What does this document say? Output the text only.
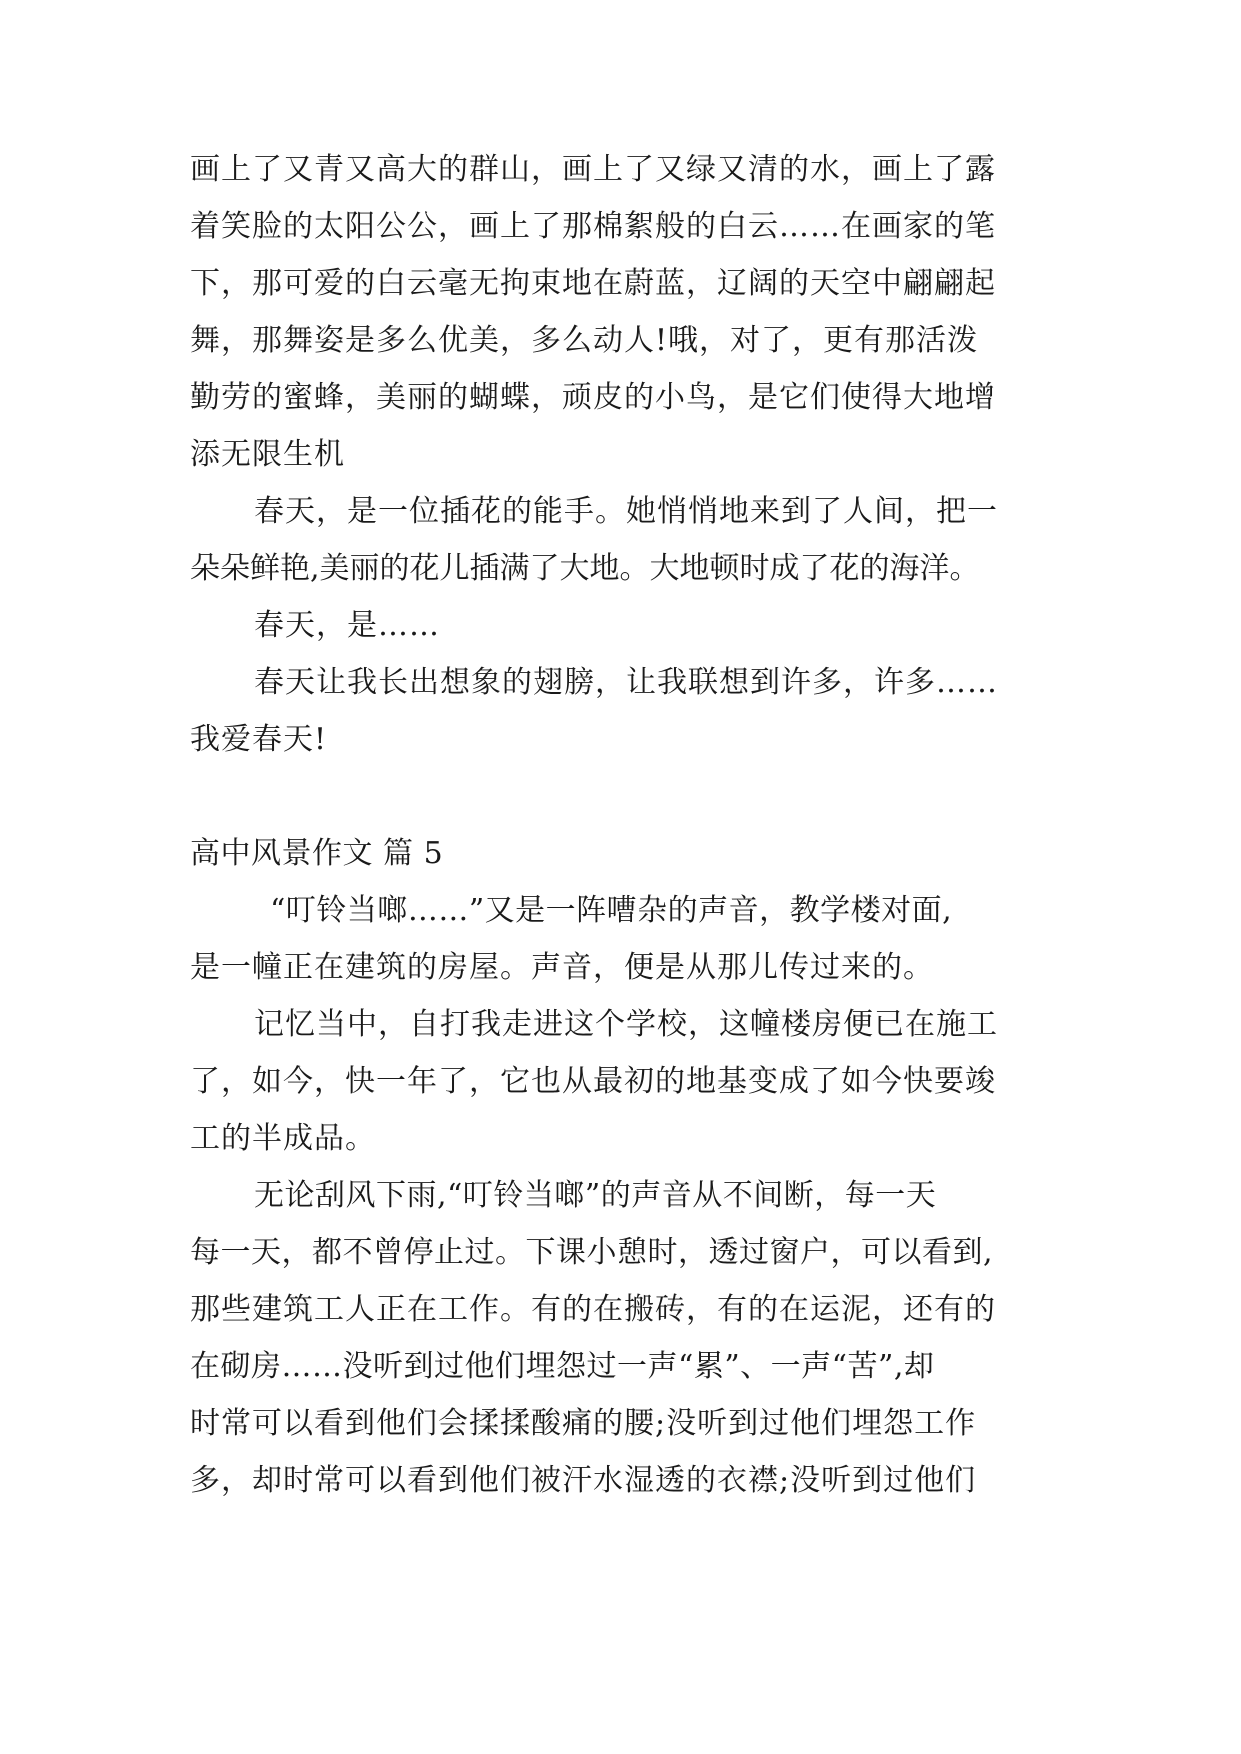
画上了又青又高大的群山，画上了又绿又清的水，画上了露
着笑脸的太阳公公，画上了那棉絮般的白云……在画家的笔
下，那可爱的白云毫无拘束地在蔚蓝，辽阔的天空中翩翩起
舞，那舞姿是多么优美，多么动人!哦，对了，更有那活泼
勤劳的蜜蜂，美丽的蝴蝶，顽皮的小鸟，是它们使得大地增
添无限生机
春天，是一位插花的能手。她悄悄地来到了人间，把一
朵朵鲜艳,美丽的花儿插满了大地。大地顿时成了花的海洋。
春天，是……
春天让我长出想象的翅膀，让我联想到许多，许多……
我爱春天!
高中风景作文 篇 5
“叮铃当啷……”又是一阵嘈杂的声音，教学楼对面,
是一幢正在建筑的房屋。声音，便是从那儿传过来的。
记忆当中，自打我走进这个学校，这幢楼房便已在施工
了，如今，快一年了，它也从最初的地基变成了如今快要竣
工的半成品。
无论刮风下雨,“叮铃当啷”的声音从不间断，每一天
每一天，都不曾停止过。下课小憩时，透过窗户，可以看到,
那些建筑工人正在工作。有的在搬砖，有的在运泥，还有的
在砌房……没听到过他们埋怨过一声“累”、一声“苦”,却
时常可以看到他们会揉揉酸痛的腰;没听到过他们埋怨工作
多，却时常可以看到他们被汗水湿透的衣襟;没听到过他们
